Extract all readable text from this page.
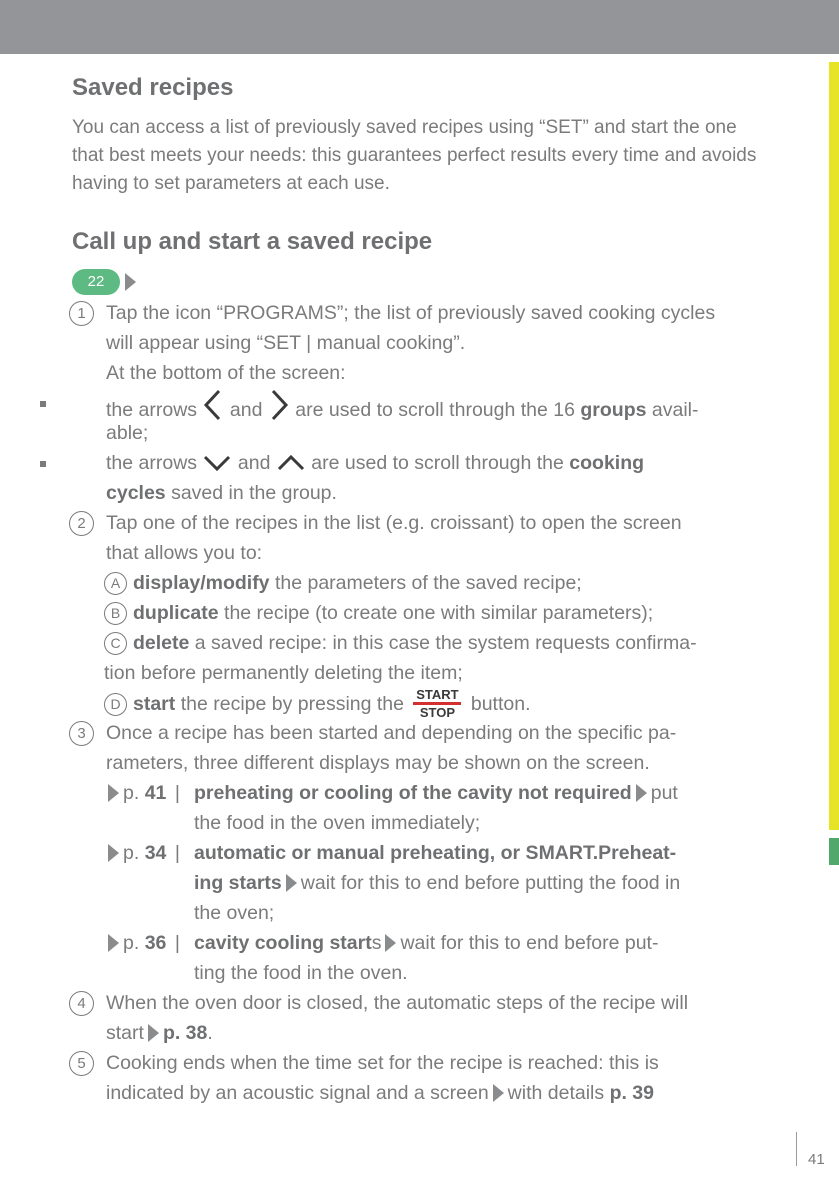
Saved recipes

You can access a list of previously saved recipes using “SET” and start the one that best meets your needs: this guarantees perfect results every time and avoids having to set parameters at each use.

Call up and start a saved recipe
22
1	Tap the icon “PROGRAMS”; the list of previously saved cooking cycles
will appear using “SET | manual cooking”.
At the bottom of the screen:
the arrows and are used to scroll through the 16 groups avail-
able;
the arrows and are used to scroll through the cooking
cycles saved in the group.
2	Tap one of the recipes in the list (e.g. croissant) to open the screen
that allows you to:
A display/modify the parameters of the saved recipe;
B duplicate the recipe (to create one with similar parameters);
C delete a saved recipe: in this case the system requests confirma-
tion before permanently deleting the item;
D start the recipe by pressing the START
STOP button.
3	Once a recipe has been started and depending on the specific pa-
rameters, three different displays may be shown on the screen.
p. 41 | preheating or cooling of the cavity not required put
the food in the oven immediately;
p. 34 | automatic or manual preheating, or SMART.Preheat-
ing starts wait for this to end before putting the food in
the oven;
p. 36 | cavity cooling starts wait for this to end before put-
ting the food in the oven.
4	When the oven door is closed, the automatic steps of the recipe will
start p. 38.
5	Cooking ends when the time set for the recipe is reached: this is
indicated by an acoustic signal and a screen with details p. 39
41
